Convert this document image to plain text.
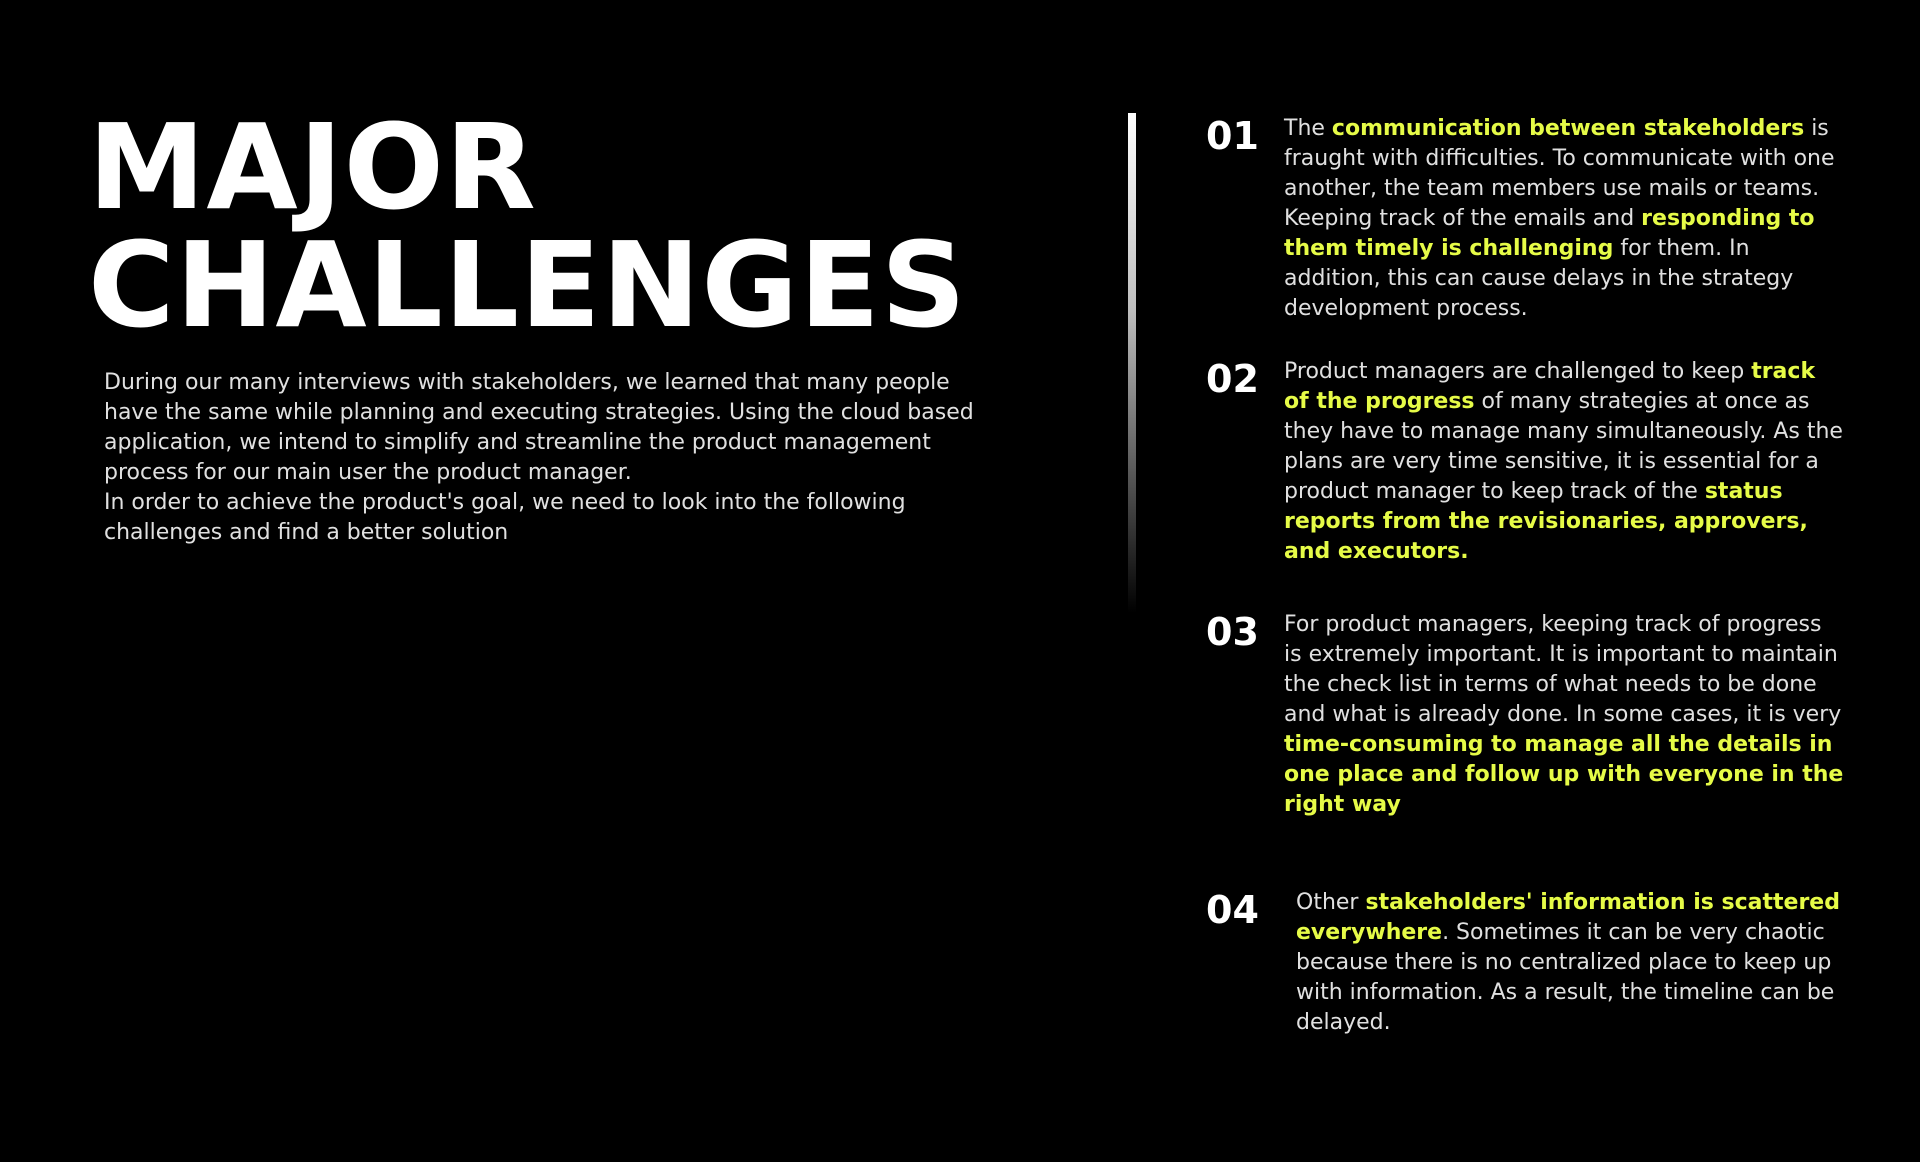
MAJOR
CHALLENGES

During our many interviews with stakeholders, we learned that many people have the same while planning and executing strategies. Using the cloud based application, we intend to simplify and streamline the product management process for our main user the product manager.

In order to achieve the product's goal, we need to look into the following challenges and find a better solution

01 The communication between stakeholders is fraught with difficulties. To communicate with one another, the team members use mails or teams. Keeping track of the emails and responding to them timely is challenging for them. In addition, this can cause delays in the strategy development process.

02 Product managers are challenged to keep track of the progress of many strategies at once as they have to manage many simultaneously. As the plans are very time sensitive, it is essential for a product manager to keep track of the status reports from the revisionaries, approvers, and executors.

03 For product managers, keeping track of progress is extremely important. It is important to maintain the check list in terms of what needs to be done and what is already done. In some cases, it is very time-consuming to manage all the details in one place and follow up with everyone in the right way

04 Other stakeholders' information is scattered everywhere. Sometimes it can be very chaotic because there is no centralized place to keep up with information. As a result, the timeline can be delayed.
